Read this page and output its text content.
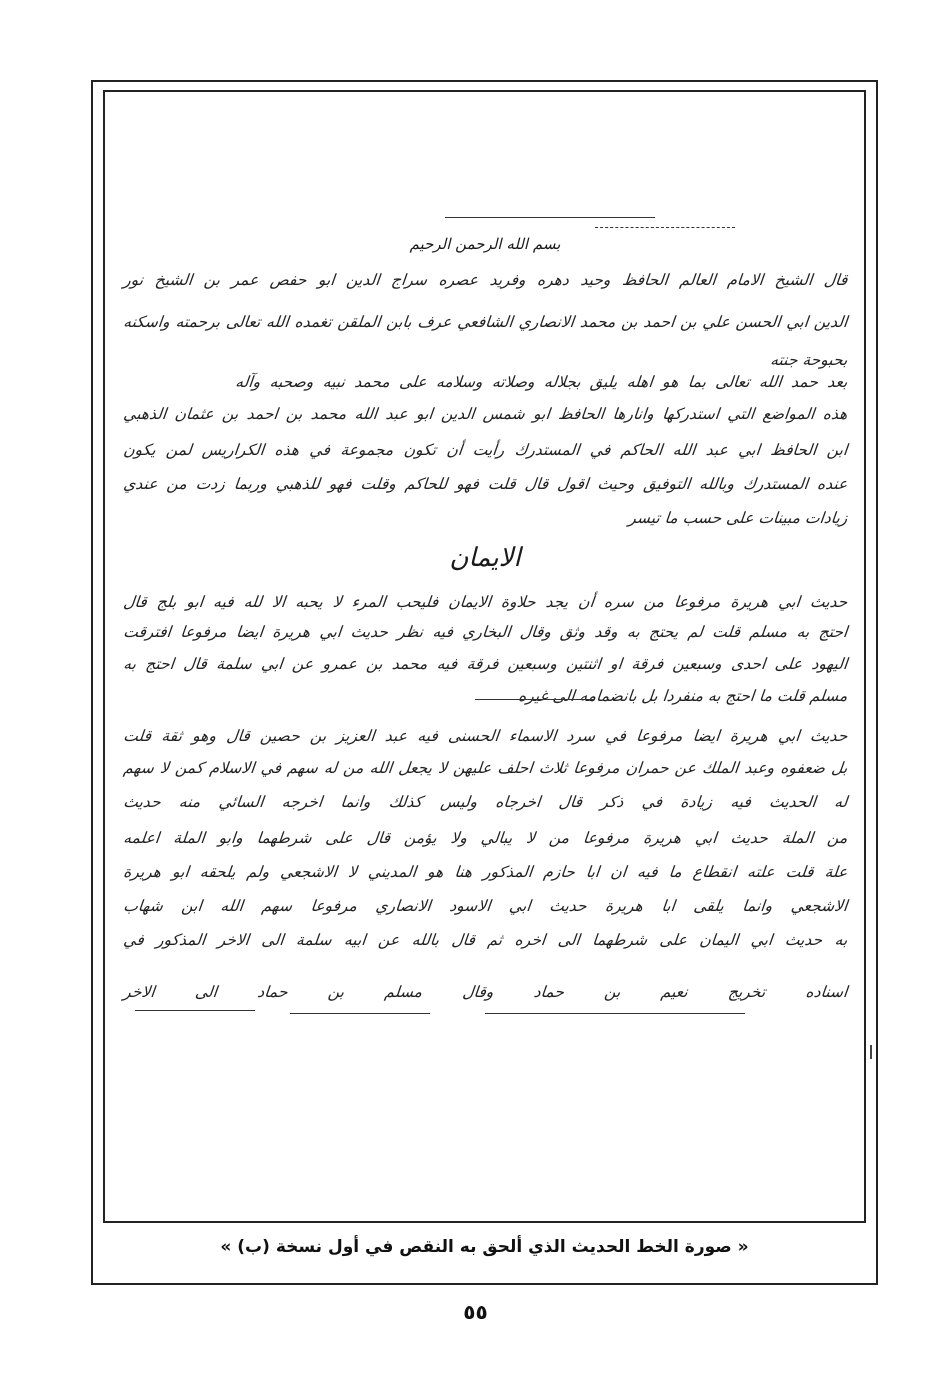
بسم الله الرحمن الرحيم
قال الشيخ الامام العالم الحافظ وحيد دهره وفريد عصره سراج الدين ابو حفص عمر بن الشيخ نور
الدين ابي الحسن علي بن احمد بن محمد الانصاري الشافعي عرف بابن الملقن تغمده الله تعالى برحمته واسكنه
بحبوحة جنته
بعد حمد الله تعالى بما هو اهله يليق بجلاله وصلاته وسلامه على محمد نبيه وصحبه وآله
هذه المواضع التي استدركها وانارها الحافظ ابو شمس الدين ابو عبد الله محمد بن احمد بن عثمان الذهبي
ابن الحافظ ابي عبد الله الحاكم في المستدرك رأيت أن تكون مجموعة في هذه الكراريس لمن يكون
عنده المستدرك وبالله التوفيق وحيث اقول قال قلت فهو للحاكم وقلت فهو للذهبي وربما زدت من عندي
زيادات مبينات على حسب ما تيسر
الايمان
حديث ابي هريرة مرفوعا من سره أن يجد حلاوة الايمان فليحب المرء لا يحبه الا لله فيه ابو بلج قال
احتج به مسلم قلت لم يحتج به وقد وثق وقال البخاري فيه نظر حديث ابي هريرة ايضا مرفوعا افترقت
اليهود على احدى وسبعين فرقة او اثنتين وسبعين فرقة فيه محمد بن عمرو عن ابي سلمة قال احتج به
مسلم قلت ما احتج به منفردا بل بانضمامه الى غيره
حديث ابي هريرة ايضا مرفوعا في سرد الاسماء الحسنى فيه عبد العزيز بن حصين قال وهو ثقة قلت
بل ضعفوه وعبد الملك عن حمران مرفوعا ثلاث احلف عليهن لا يجعل الله من له سهم في الاسلام كمن لا سهم
له الحديث فيه زيادة في ذكر قال اخرجاه وليس كذلك وانما اخرجه السائي منه حديث
من الملة حديث ابي هريرة مرفوعا من لا يبالي ولا يؤمن قال على شرطهما وابو الملة اعلمه
علة قلت علته انقطاع ما فيه ان ابا حازم المذكور هنا هو المديني لا الاشجعي ولم يلحقه ابو هريرة
الاشجعي وانما يلقى ابا هريرة حديث ابي الاسود الانصاري مرفوعا سهم الله ابن شهاب
به حديث ابي اليمان على شرطهما الى اخره ثم قال بالله عن ابيه سلمة الى الاخر المذكور في
اسناده تخريج نعيم بن حماد وقال مسلم بن حماد الى الاخر
« صورة الخط الحديث الذي ألحق به النقص في أول نسخة (ب) »
٥٥
